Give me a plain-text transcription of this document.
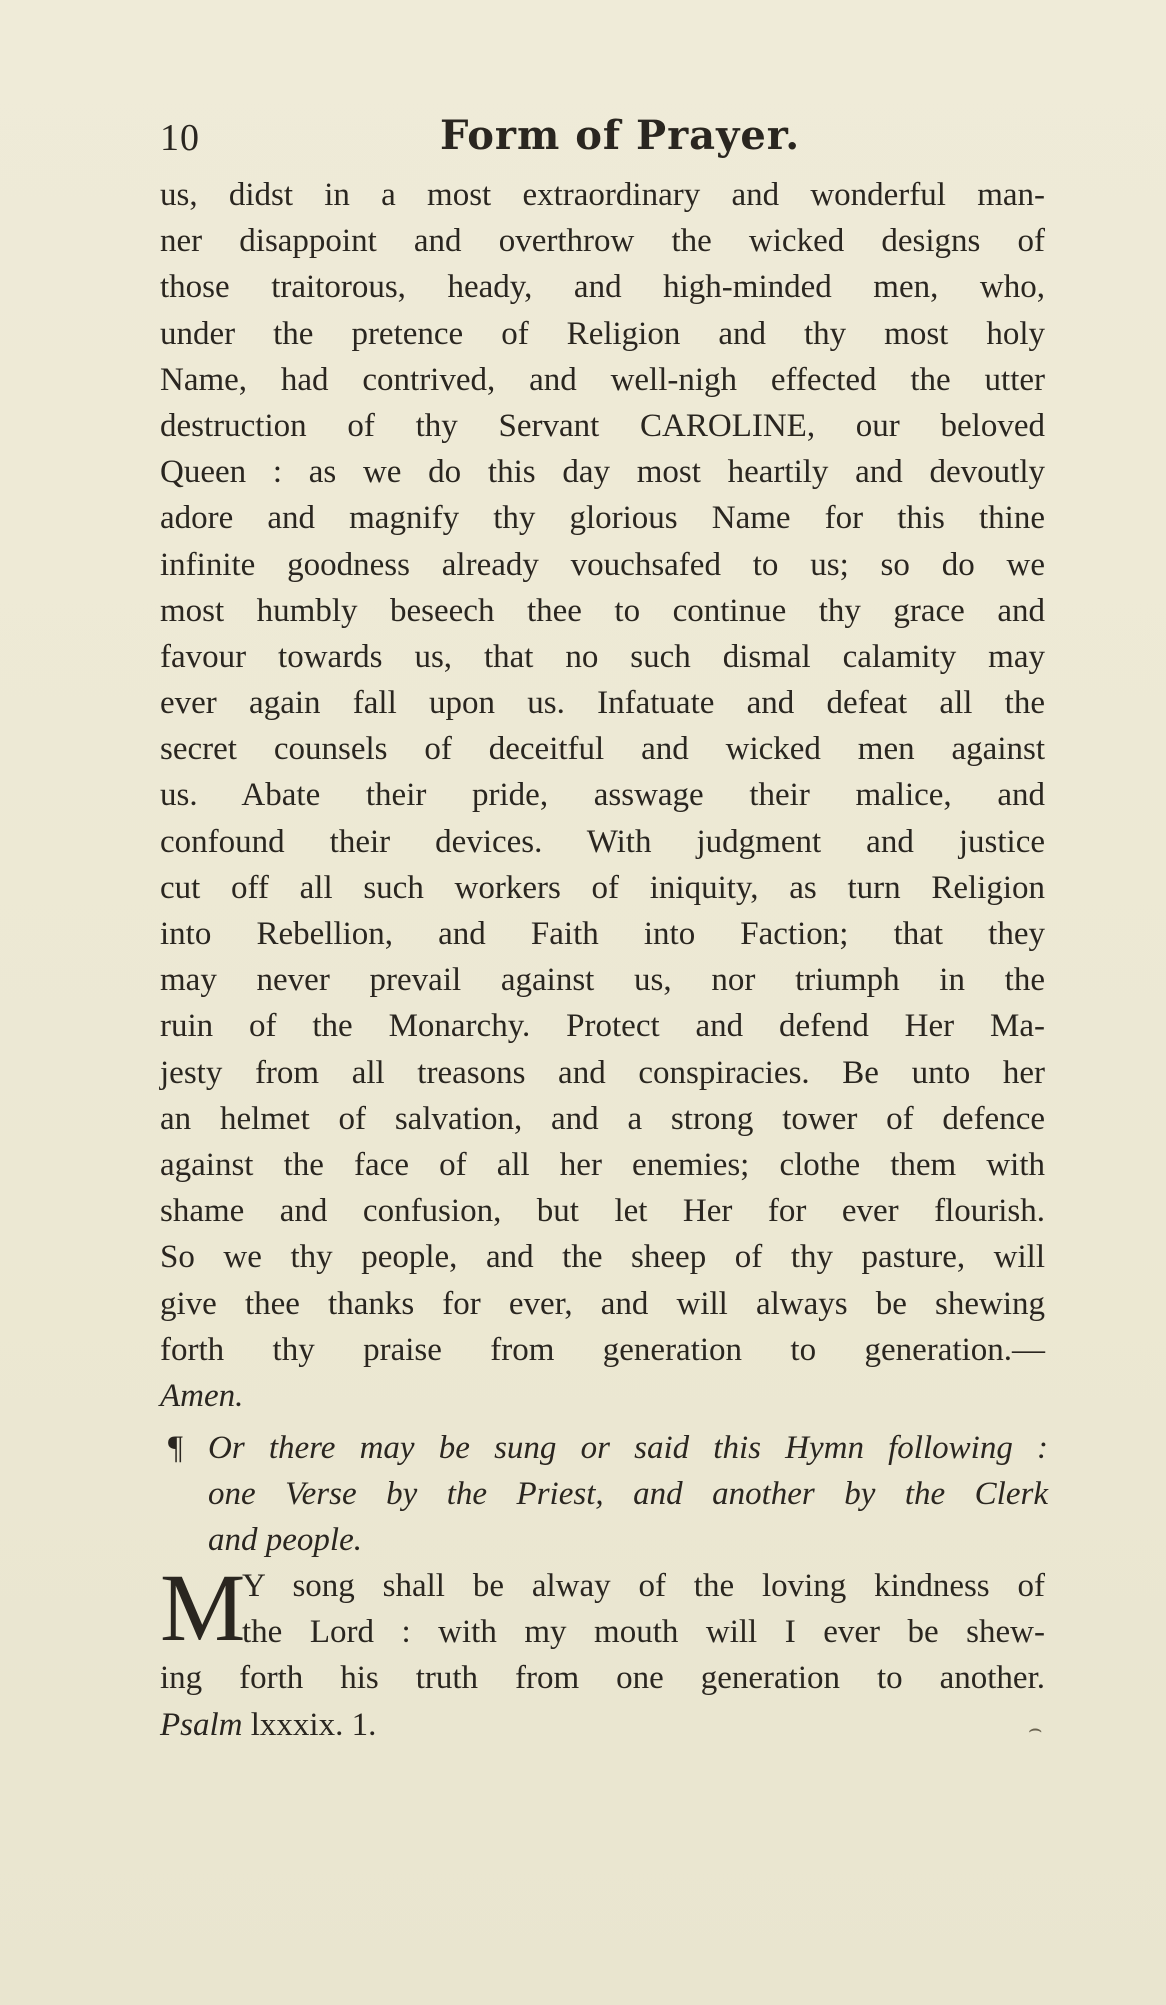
10	Form of Prayer.
us, didst in a most extraordinary and wonderful man-
ner disappoint and overthrow the wicked designs of
those traitorous, heady, and high-minded men, who,
under the pretence of Religion and thy most holy
Name, had contrived, and well-nigh effected the utter
destruction of thy Servant CAROLINE, our beloved
Queen : as we do this day most heartily and devoutly
adore and magnify thy glorious Name for this thine
infinite goodness already vouchsafed to us; so do we
most humbly beseech thee to continue thy grace and
favour towards us, that no such dismal calamity may
ever again fall upon us. Infatuate and defeat all the
secret counsels of deceitful and wicked men against
us. Abate their pride, asswage their malice, and
confound their devices. With judgment and justice
cut off all such workers of iniquity, as turn Religion
into Rebellion, and Faith into Faction; that they
may never prevail against us, nor triumph in the
ruin of the Monarchy. Protect and defend Her Ma-
jesty from all treasons and conspiracies. Be unto her
an helmet of salvation, and a strong tower of defence
against the face of all her enemies; clothe them with
shame and confusion, but let Her for ever flourish.
So we thy people, and the sheep of thy pasture, will
give thee thanks for ever, and will always be shewing
forth thy praise from generation to generation.—
Amen.
¶ Or there may be sung or said this Hymn following :
one Verse by the Priest, and another by the Clerk
and people.
M
Y song shall be alway of the loving kindness of
the Lord : with my mouth will I ever be shew-
ing forth his truth from one generation to another.
Psalm lxxxix. 1.	⌢
